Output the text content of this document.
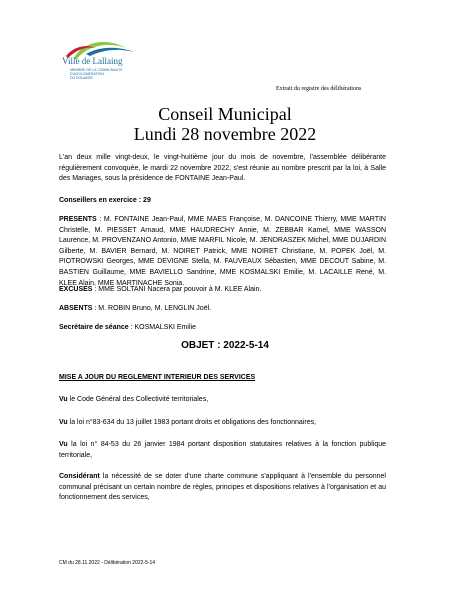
Ville de Lallaing
MEMBRE DE LA COMMUNAUTE
D'AGGLOMERATION
DU DOUAISIS
Extrait du registre des délibérations
Conseil Municipal
Lundi 28 novembre 2022

L'an deux mille vingt-deux, le vingt-huitième jour du mois de novembre, l'assemblée délibérante régulièrement convoquée, le mardi 22 novembre 2022, s'est réunie au nombre prescrit par la loi, à Salle des Mariages, sous la présidence de FONTAINE Jean-Paul.

Conseillers en exercice : 29

PRESENTS : M. FONTAINE Jean-Paul, MME MAES Françoise, M. DANCOINE Thierry, MME MARTIN Christelle, M. PIESSET Arnaud, MME HAUDRECHY Annie, M. ZEBBAR Kamel, MME WASSON Laurence, M. PROVENZANO Antonio, MME MARFIL Nicole, M. JENDRASZEK Michel, MME DUJARDIN Gilberte, M. BAVIER Bernard, M. NOIRET Patrick, MME NOIRET Christiane, M. POPEK Joël, M. PIOTROWSKI Georges, MME DEVIGNE Stella, M. FAUVEAUX Sébastien, MME DECOUT Sabine, M. BASTIEN Guillaume, MME BAVIELLO Sandrine, MME KOSMALSKI Emilie, M. LACAILLE René, M. KLEE Alain, MME MARTINACHE Sonia.

EXCUSES : MME SOLTANI Nacera par pouvoir à M. KLEE Alain.
ABSENTS : M. ROBIN Bruno, M. LENGLIN Joël.
Secrétaire de séance : KOSMALSKI Emilie
OBJET : 2022-5-14
MISE A JOUR DU REGLEMENT INTERIEUR DES SERVICES
Vu le Code Général des Collectivité territoriales,
Vu la loi n°83-634 du 13 juillet 1983 portant droits et obligations des fonctionnaires,

Vu la loi n° 84-53 du 26 janvier 1984 portant disposition statutaires relatives à la fonction publique territoriale,

Considérant la nécessité de se doter d'une charte commune s'appliquant à l'ensemble du personnel communal précisant un certain nombre de règles, principes et dispositions relatives à l'organisation et au fonctionnement des services,

CM du 28.11.2022 - Délibération 2022-5-14
